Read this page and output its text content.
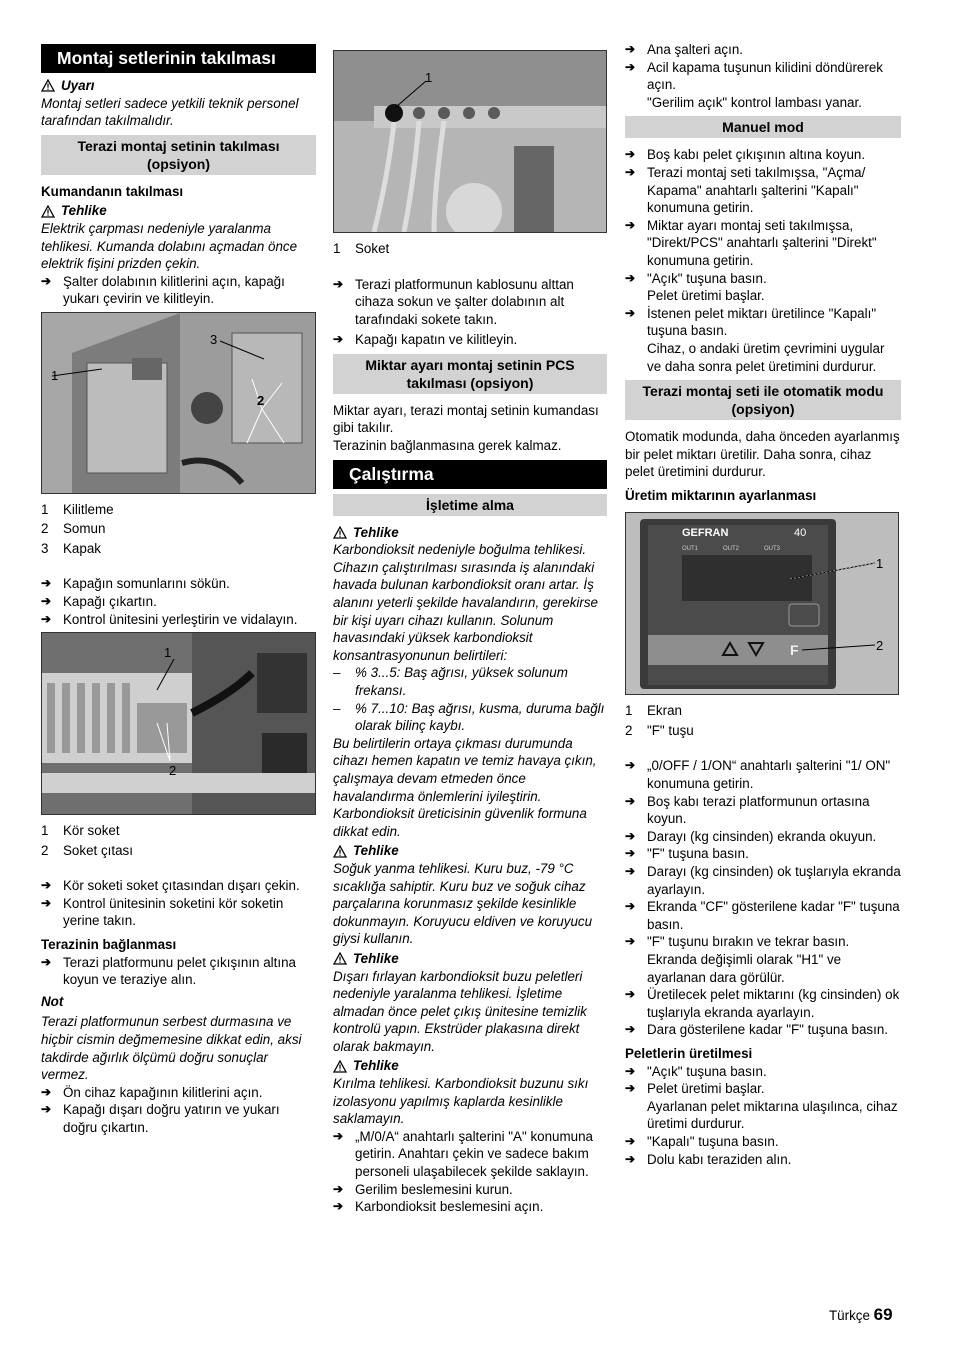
Montaj setlerinin takılması
Uyarı
Montaj setleri sadece yetkili teknik personel tarafından takılmalıdır.
Terazi montaj setinin takılması (opsiyon)
Kumandanın takılması
Tehlike
Elektrik çarpması nedeniyle yaralanma tehlikesi. Kumanda dolabını açmadan önce elektrik fişini prizden çekin.
➔ Şalter dolabının kilitlerini açın, kapağı yukarı çevirin ve kilitleyin.
1
3
2
1	Kilitleme
2	Somun
3	Kapak
➔ Kapağın somunlarını sökün.
➔ Kapağı çıkartın.
➔ Kontrol ünitesini yerleştirin ve vidalayın.
1
2
1	Kör soket
2	Soket çıtası
➔ Kör soketi soket çıtasından dışarı çekin.
➔ Kontrol ünitesinin soketini kör soketin yerine takın.
Terazinin bağlanması
➔ Terazi platformunu pelet çıkışının altına koyun ve teraziye alın.
Not
Terazi platformunun serbest durmasına ve hiçbir cismin değmemesine dikkat edin, aksi takdirde ağırlık ölçümü doğru sonuçlar vermez.
➔ Ön cihaz kapağının kilitlerini açın.
➔ Kapağı dışarı doğru yatırın ve yukarı doğru çıkartın.
1
1	Soket
➔ Terazi platformunun kablosunu alttan cihaza sokun ve şalter dolabının alt tarafındaki sokete takın.
➔ Kapağı kapatın ve kilitleyin.
Miktar ayarı montaj setinin PCS takılması (opsiyon)
Miktar ayarı, terazi montaj setinin kumandası gibi takılır.
Terazinin bağlanmasına gerek kalmaz.
Çalıştırma
İşletime alma
Tehlike
Karbondioksit nedeniyle boğulma tehlikesi. Cihazın çalıştırılması sırasında iş alanındaki havada bulunan karbondioksit oranı artar. İş alanını yeterli şekilde havalandırın, gerekirse bir kişi uyarı cihazı kullanın. Solunum havasındaki yüksek karbondioksit konsantrasyonunun belirtileri:
–	% 3...5: Baş ağrısı, yüksek solunum frekansı.
–	% 7...10: Baş ağrısı, kusma, duruma bağlı olarak bilinç kaybı.
Bu belirtilerin ortaya çıkması durumunda cihazı hemen kapatın ve temiz havaya çıkın, çalışmaya devam etmeden önce havalandırma önlemlerini iyileştirin. Karbondioksit üreticisinin güvenlik formuna dikkat edin.
Tehlike
Soğuk yanma tehlikesi. Kuru buz, -79 °C sıcaklığa sahiptir. Kuru buz ve soğuk cihaz parçalarına korunmasız şekilde kesinlikle dokunmayın. Koruyucu eldiven ve koruyucu giysi kullanın.
Tehlike
Dışarı fırlayan karbondioksit buzu peletleri nedeniyle yaralanma tehlikesi. İşletime almadan önce pelet çıkış ünitesine temizlik kontrolü yapın. Ekstrüder plakasına direkt olarak bakmayın.
Tehlike
Kırılma tehlikesi. Karbondioksit buzunu sıkı izolasyonu yapılmış kaplarda kesinlikle saklamayın.
➔ „M/0/A“ anahtarlı şalterini "A" konumuna getirin. Anahtarı çekin ve sadece bakım personeli ulaşabilecek şekilde saklayın.
➔ Gerilim beslemesini kurun.
➔ Karbondioksit beslemesini açın.
➔ Ana şalteri açın.
➔ Acil kapama tuşunun kilidini döndürerek açın.
"Gerilim açık" kontrol lambası yanar.
Manuel mod
➔ Boş kabı pelet çıkışının altına koyun.
➔ Terazi montaj seti takılmışsa, "Açma/ Kapama" anahtarlı şalterini "Kapalı" konumuna getirin.
➔ Miktar ayarı montaj seti takılmışsa, "Direkt/PCS" anahtarlı şalterini "Direkt" konumuna getirin.
➔ "Açık" tuşuna basın.
Pelet üretimi başlar.
➔ İstenen pelet miktarı üretilince "Kapalı" tuşuna basın.
Cihaz, o andaki üretim çevrimini uygular ve daha sonra pelet üretimini durdurur.
Terazi montaj seti ile otomatik modu (opsiyon)
Otomatik modunda, daha önceden ayarlanmış bir pelet miktarı üretilir. Daha sonra, cihaz pelet üretimini durdurur.
Üretim miktarının ayarlanması
GEFRAN	40
OUT1	OUT2	OUT3
F
1
2
1	Ekran
2	"F" tuşu
➔ „0/OFF / 1/ON“ anahtarlı şalterini "1/ ON" konumuna getirin.
➔ Boş kabı terazi platformunun ortasına koyun.
➔ Darayı (kg cinsinden) ekranda okuyun.
➔ "F" tuşuna basın.
➔ Darayı (kg cinsinden) ok tuşlarıyla ekranda ayarlayın.
➔ Ekranda "CF" gösterilene kadar "F" tuşuna basın.
➔ "F" tuşunu bırakın ve tekrar basın.
Ekranda değişimli olarak "H1" ve ayarlanan dara görülür.
➔ Üretilecek pelet miktarını (kg cinsinden) ok tuşlarıyla ekranda ayarlayın.
➔ Dara gösterilene kadar "F" tuşuna basın.
Peletlerin üretilmesi
➔ "Açık" tuşuna basın.
➔ Pelet üretimi başlar.
Ayarlanan pelet miktarına ulaşılınca, cihaz üretimi durdurur.
➔ "Kapalı" tuşuna basın.
➔ Dolu kabı teraziden alın.
Türkçe 69
